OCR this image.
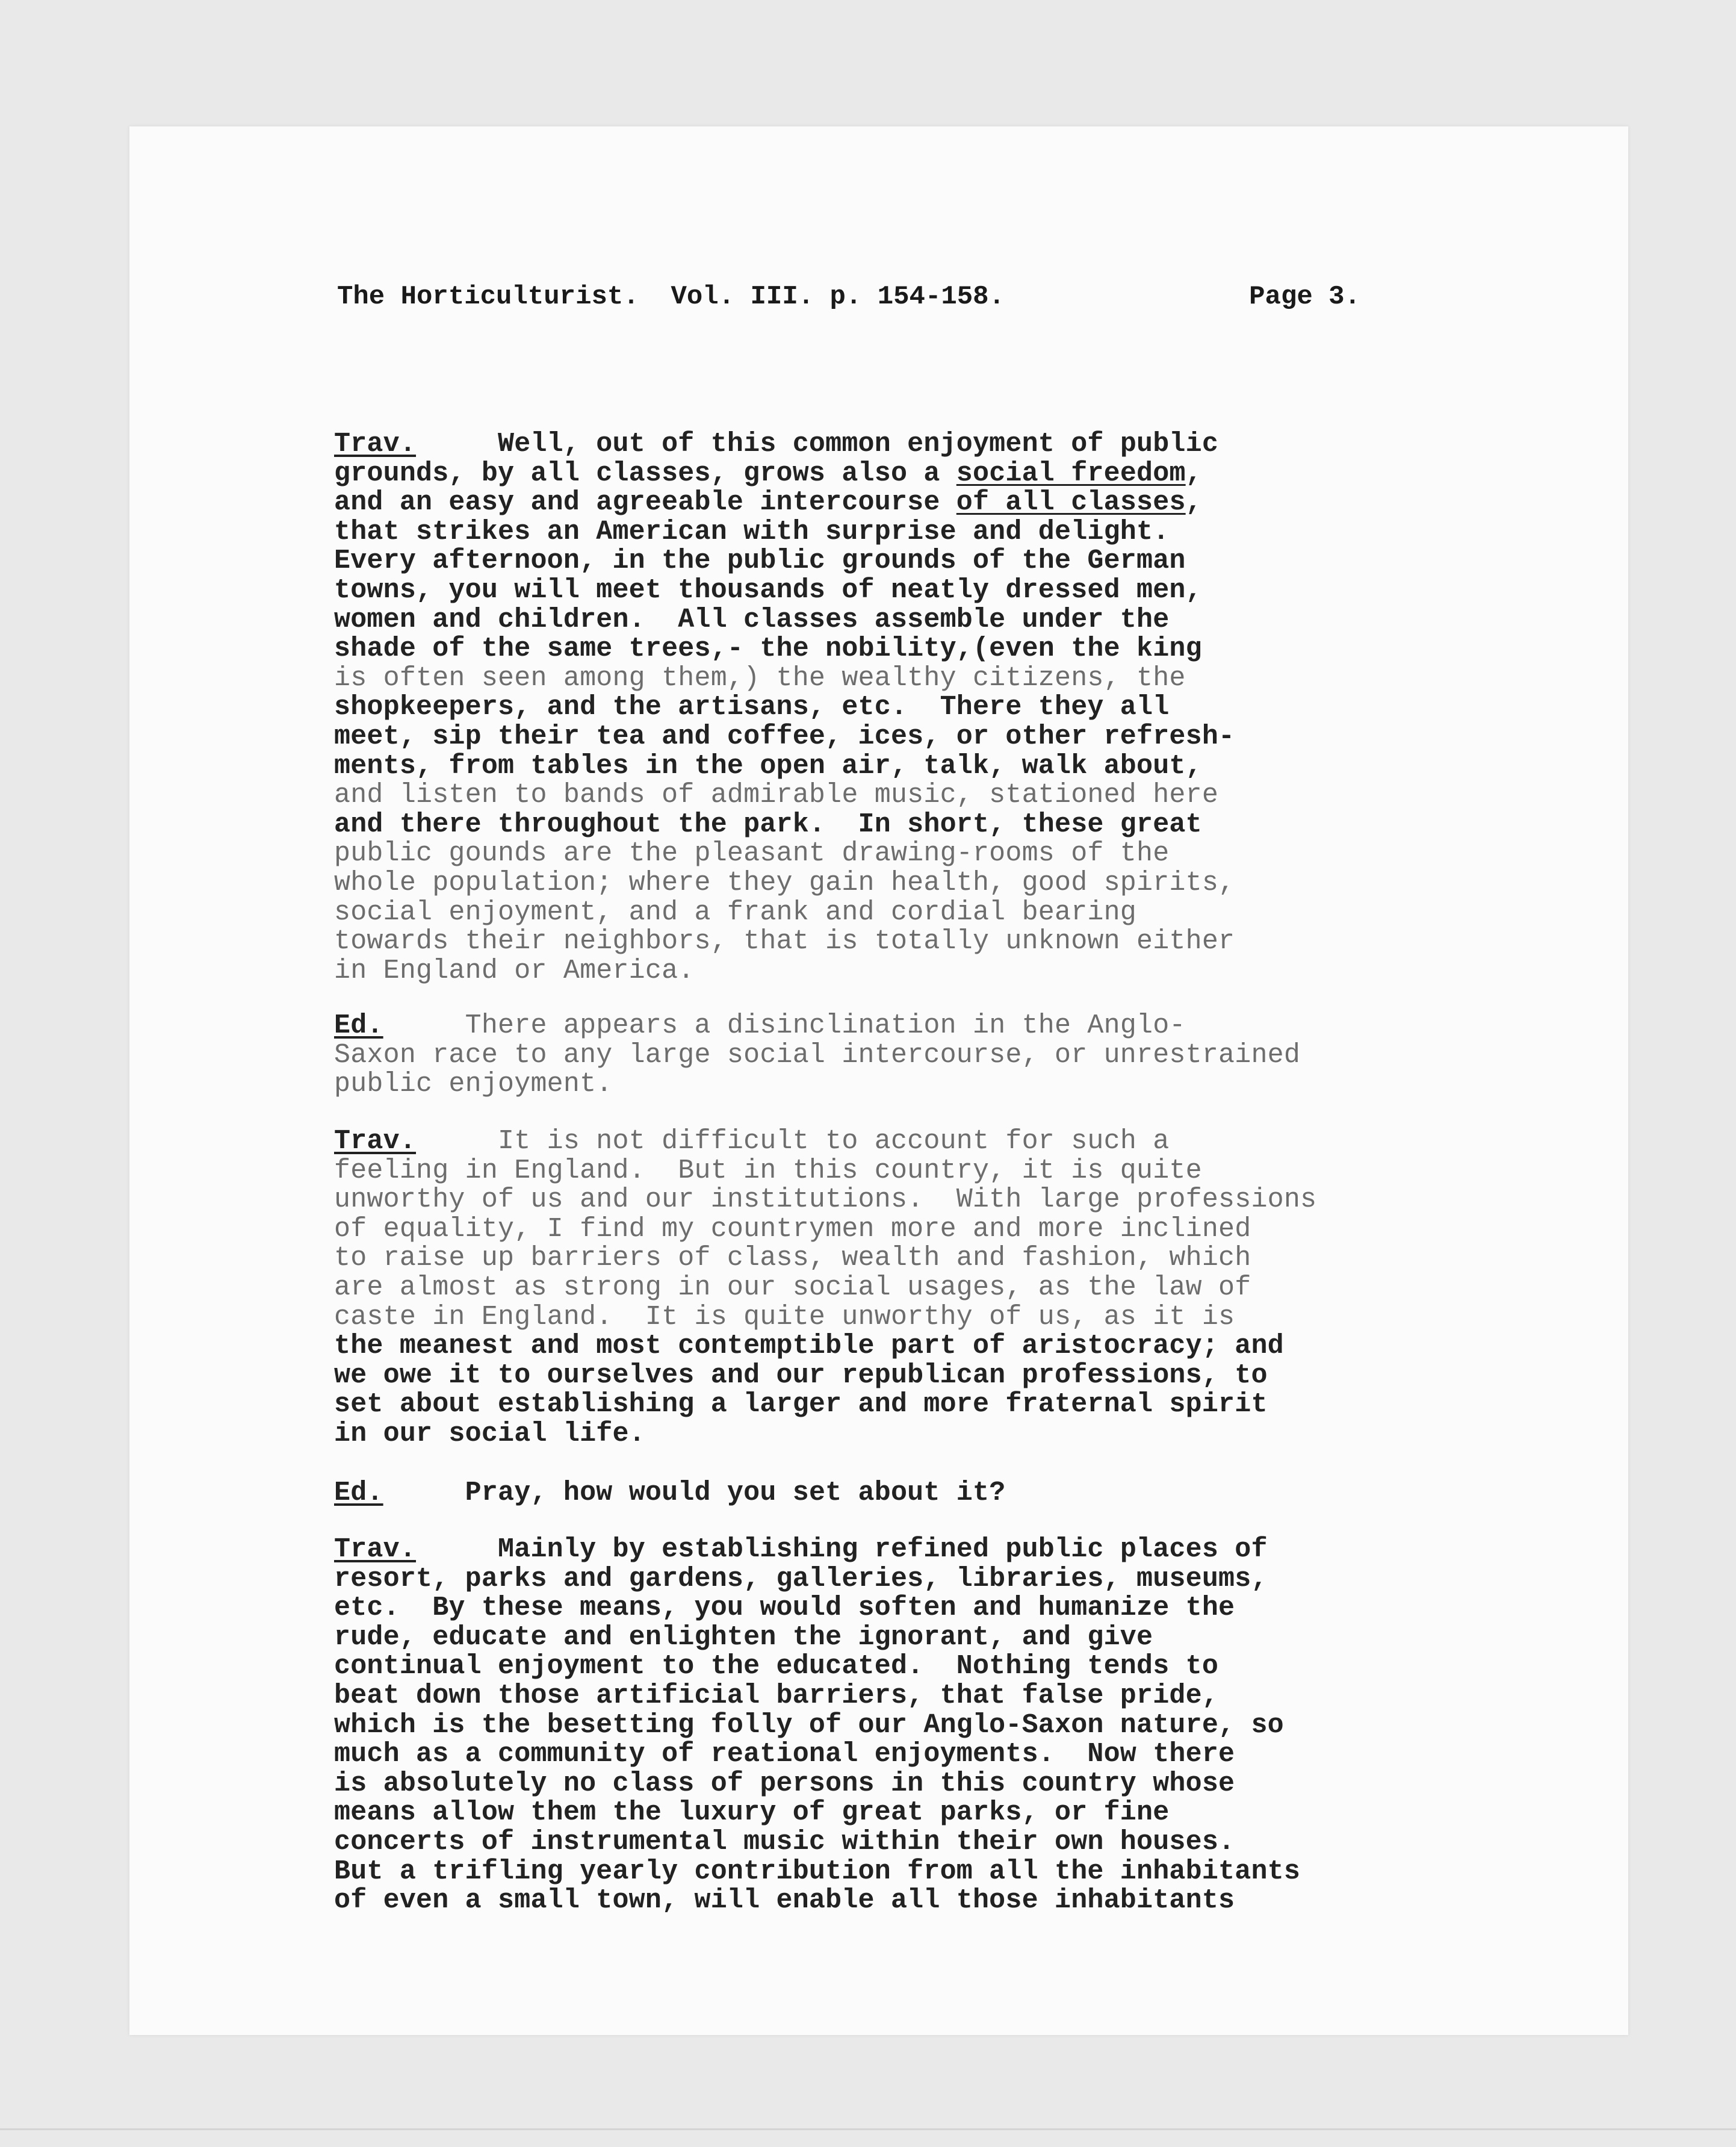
The Horticulturist.  Vol. III. p. 154-158.

	Page 3.

Trav.     Well, out of this common enjoyment of public
grounds, by all classes, grows also a social freedom,
and an easy and agreeable intercourse of all classes,
that strikes an American with surprise and delight.
Every afternoon, in the public grounds of the German
towns, you will meet thousands of neatly dressed men,
women and children.  All classes assemble under the
shade of the same trees,- the nobility,(even the king
is often seen among them,) the wealthy citizens, the
shopkeepers, and the artisans, etc.  There they all
meet, sip their tea and coffee, ices, or other refresh-
ments, from tables in the open air, talk, walk about,
and listen to bands of admirable music, stationed here
and there throughout the park.  In short, these great
public gounds are the pleasant drawing-rooms of the
whole population; where they gain health, good spirits,
social enjoyment, and a frank and cordial bearing
towards their neighbors, that is totally unknown either
in England or America.
Ed.     There appears a disinclination in the Anglo-
Saxon race to any large social intercourse, or unrestrained
public enjoyment.
Trav.     It is not difficult to account for such a
feeling in England.  But in this country, it is quite
unworthy of us and our institutions.  With large professions
of equality, I find my countrymen more and more inclined
to raise up barriers of class, wealth and fashion, which
are almost as strong in our social usages, as the law of
caste in England.  It is quite unworthy of us, as it is
the meanest and most contemptible part of aristocracy; and
we owe it to ourselves and our republican professions, to
set about establishing a larger and more fraternal spirit
in our social life.
Ed.     Pray, how would you set about it?
Trav.     Mainly by establishing refined public places of
resort, parks and gardens, galleries, libraries, museums,
etc.  By these means, you would soften and humanize the
rude, educate and enlighten the ignorant, and give
continual enjoyment to the educated.  Nothing tends to
beat down those artificial barriers, that false pride,
which is the besetting folly of our Anglo-Saxon nature, so
much as a community of reational enjoyments.  Now there
is absolutely no class of persons in this country whose
means allow them the luxury of great parks, or fine
concerts of instrumental music within their own houses.
But a trifling yearly contribution from all the inhabitants
of even a small town, will enable all those inhabitants
